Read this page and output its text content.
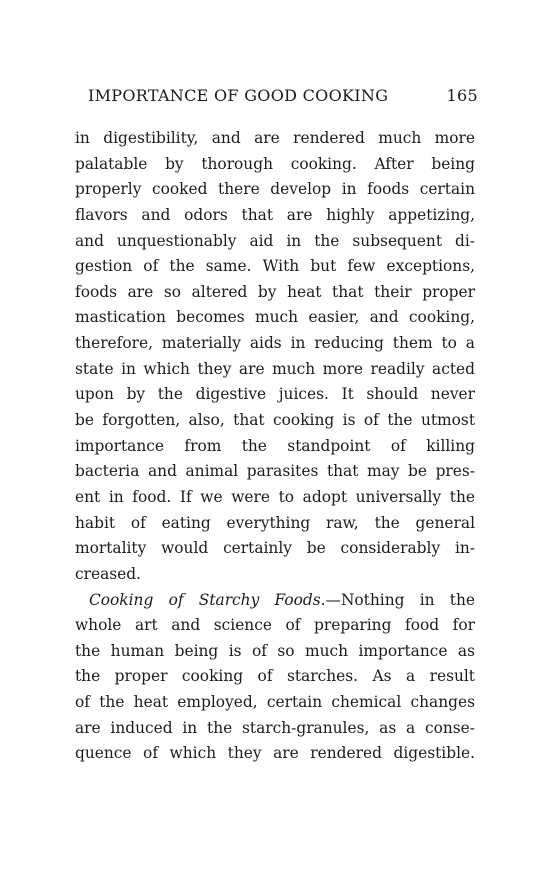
IMPORTANCE OF GOOD COOKING	165
in digestibility, and are rendered much more
palatable by thorough cooking. After being
properly cooked there develop in foods certain
flavors and odors that are highly appetizing,
and unquestionably aid in the subsequent di-
gestion of the same. With but few exceptions,
foods are so altered by heat that their proper
mastication becomes much easier, and cooking,
therefore, materially aids in reducing them to a
state in which they are much more readily acted
upon by the digestive juices. It should never
be forgotten, also, that cooking is of the utmost
importance from the standpoint of killing
bacteria and animal parasites that may be pres-
ent in food. If we were to adopt universally the
habit of eating everything raw, the general
mortality would certainly be considerably in-
creased.
Cooking of Starchy Foods.—Nothing in the
whole art and science of preparing food for
the human being is of so much importance as
the proper cooking of starches. As a result
of the heat employed, certain chemical changes
are induced in the starch-granules, as a conse-
quence of which they are rendered digestible.
